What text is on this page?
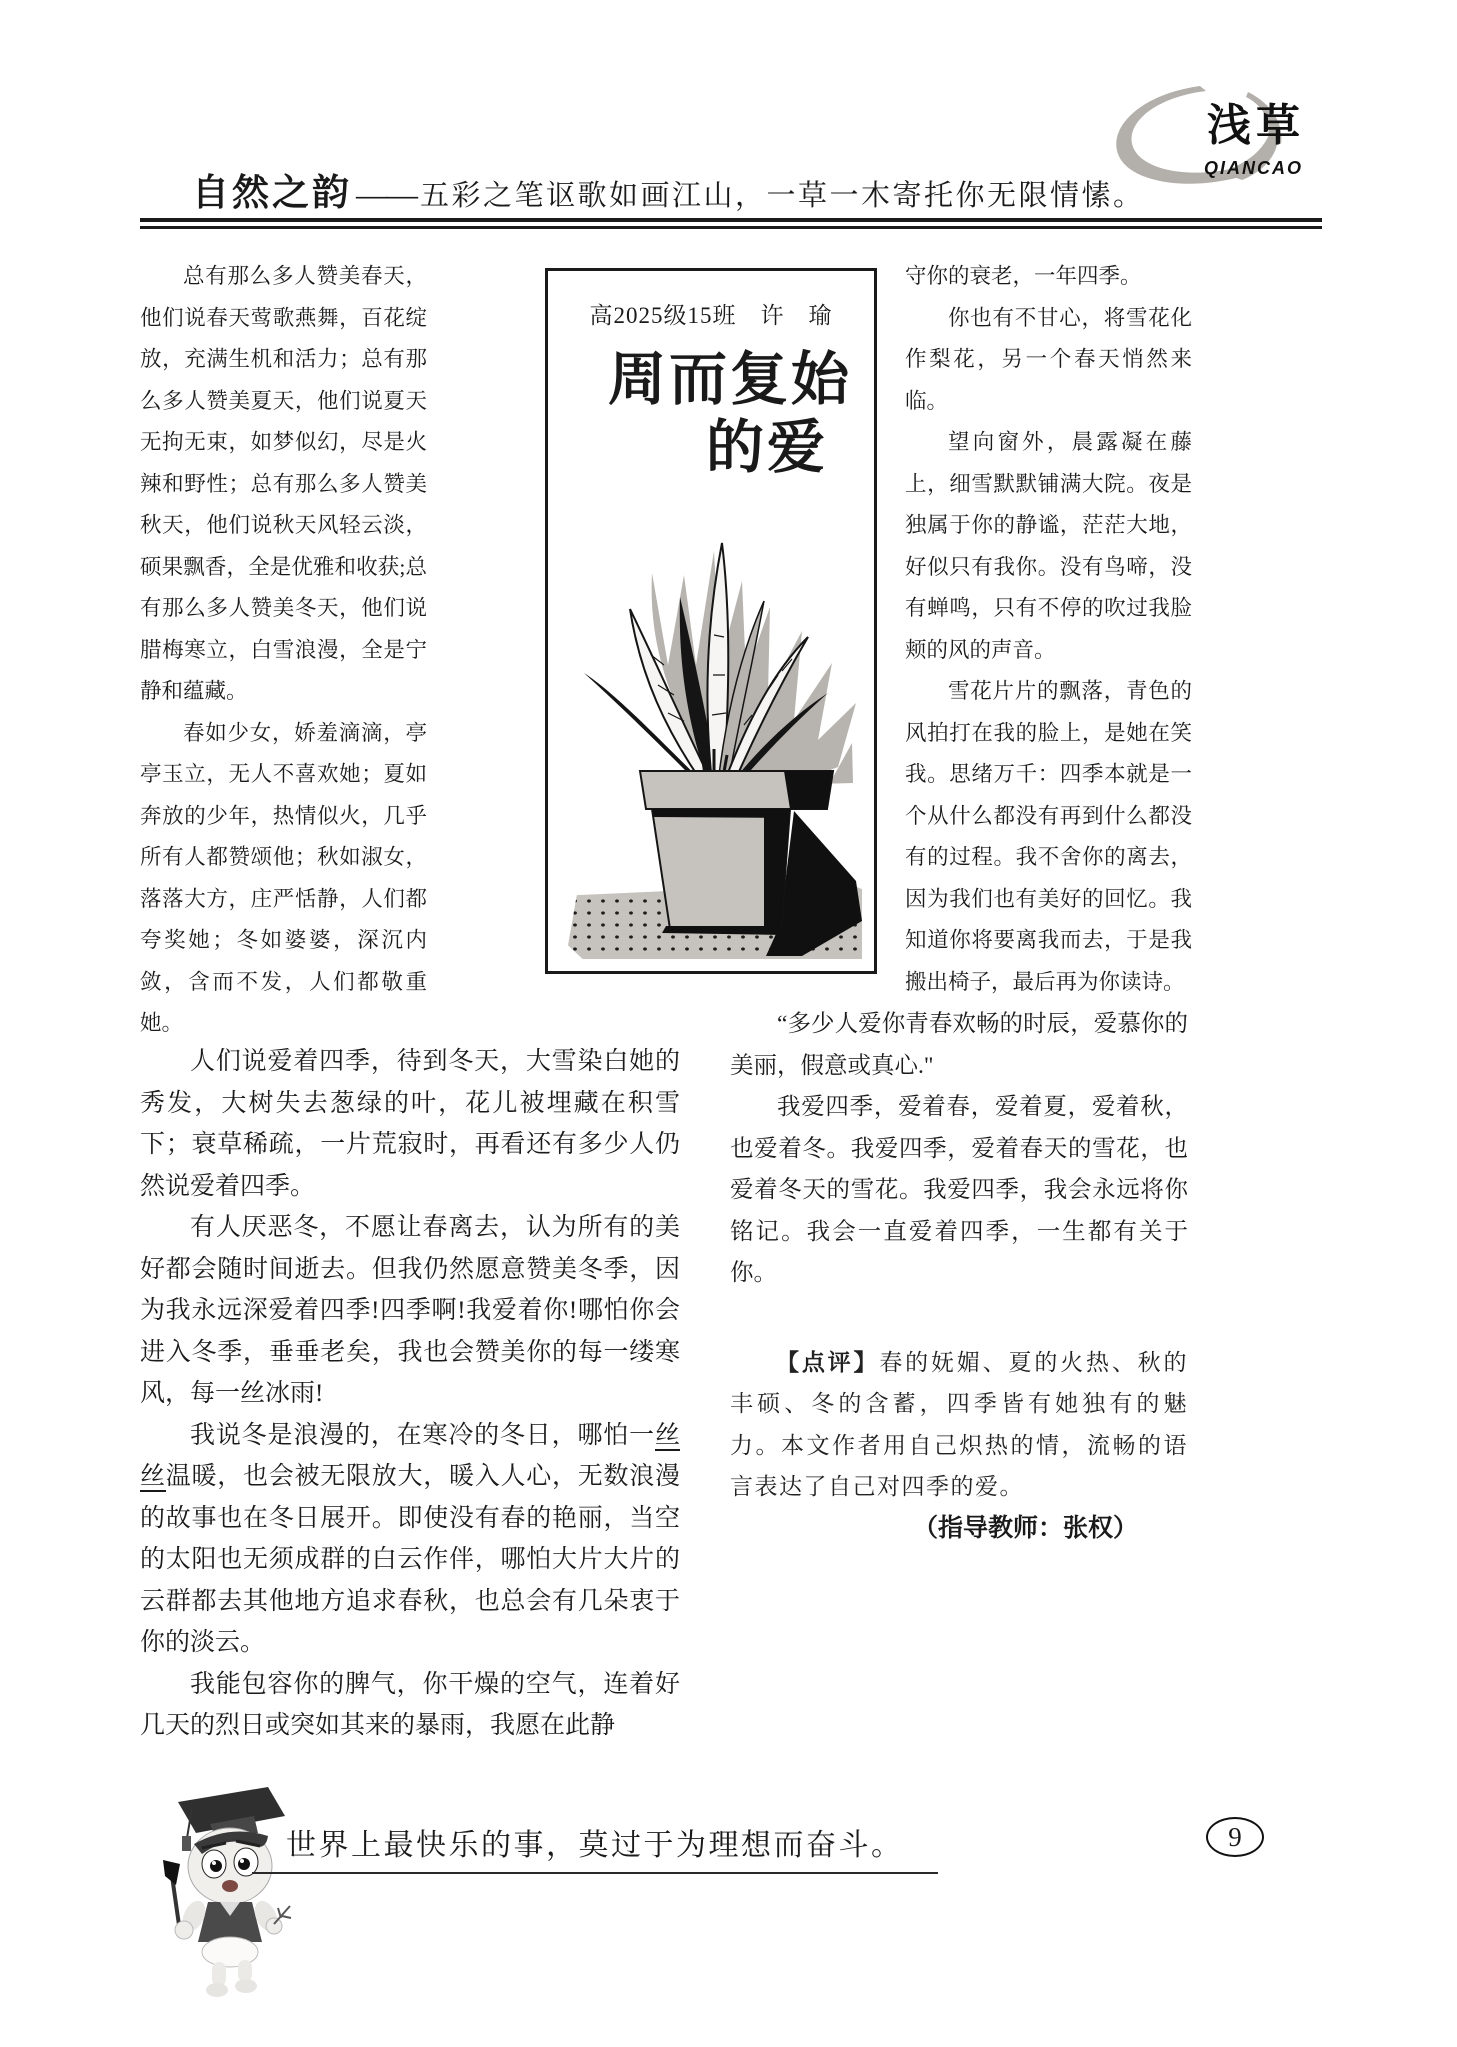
自然之韵 —— 五彩之笔讴歌如画江山，一草一木寄托你无限情愫。
浅草
QIANCAO

总有那么多人赞美春天，他们说春天莺歌燕舞，百花绽放，充满生机和活力；总有那么多人赞美夏天，他们说夏天无拘无束，如梦似幻，尽是火辣和野性；总有那么多人赞美秋天，他们说秋天风轻云淡，硕果飘香，全是优雅和收获;总有那么多人赞美冬天，他们说腊梅寒立，白雪浪漫，全是宁静和蕴藏。

春如少女，娇羞滴滴，亭亭玉立，无人不喜欢她；夏如奔放的少年，热情似火，几乎所有人都赞颂他；秋如淑女，落落大方，庄严恬静，人们都夸奖她；冬如婆婆，深沉内敛，含而不发，人们都敬重她。

高2025级15班　许　瑜
周而复始
的爱

守你的衰老，一年四季。

你也有不甘心，将雪花化作梨花，另一个春天悄然来临。

望向窗外，晨露凝在藤上，细雪默默铺满大院。夜是独属于你的静谧，茫茫大地，好似只有我你。没有鸟啼，没有蝉鸣，只有不停的吹过我脸颊的风的声音。

雪花片片的飘落，青色的风拍打在我的脸上，是她在笑我。思绪万千：四季本就是一个从什么都没有再到什么都没有的过程。我不舍你的离去，因为我们也有美好的回忆。我知道你将要离我而去，于是我搬出椅子，最后再为你读诗。

人们说爱着四季，待到冬天，大雪染白她的秀发，大树失去葱绿的叶，花儿被埋藏在积雪下；衰草稀疏，一片荒寂时，再看还有多少人仍然说爱着四季。

有人厌恶冬，不愿让春离去，认为所有的美好都会随时间逝去。但我仍然愿意赞美冬季，因为我永远深爱着四季!四季啊!我爱着你!哪怕你会进入冬季，垂垂老矣，我也会赞美你的每一缕寒风，每一丝冰雨!

我说冬是浪漫的，在寒冷的冬日，哪怕一丝丝温暖，也会被无限放大，暖入人心，无数浪漫的故事也在冬日展开。即使没有春的艳丽，当空的太阳也无须成群的白云作伴，哪怕大片大片的云群都去其他地方追求春秋，也总会有几朵衷于你的淡云。

我能包容你的脾气，你干燥的空气，连着好几天的烈日或突如其来的暴雨，我愿在此静

“多少人爱你青春欢畅的时辰，爱慕你的美丽，假意或真心."

我爱四季，爱着春，爱着夏，爱着秋，也爱着冬。我爱四季，爱着春天的雪花，也爱着冬天的雪花。我爱四季，我会永远将你铭记。我会一直爱着四季，一生都有关于你。

【点评】春的妩媚、夏的火热、秋的丰硕、冬的含蓄，四季皆有她独有的魅力。本文作者用自己炽热的情，流畅的语言表达了自己对四季的爱。

（指导教师：张权）

世界上最快乐的事，莫过于为理想而奋斗。	9
